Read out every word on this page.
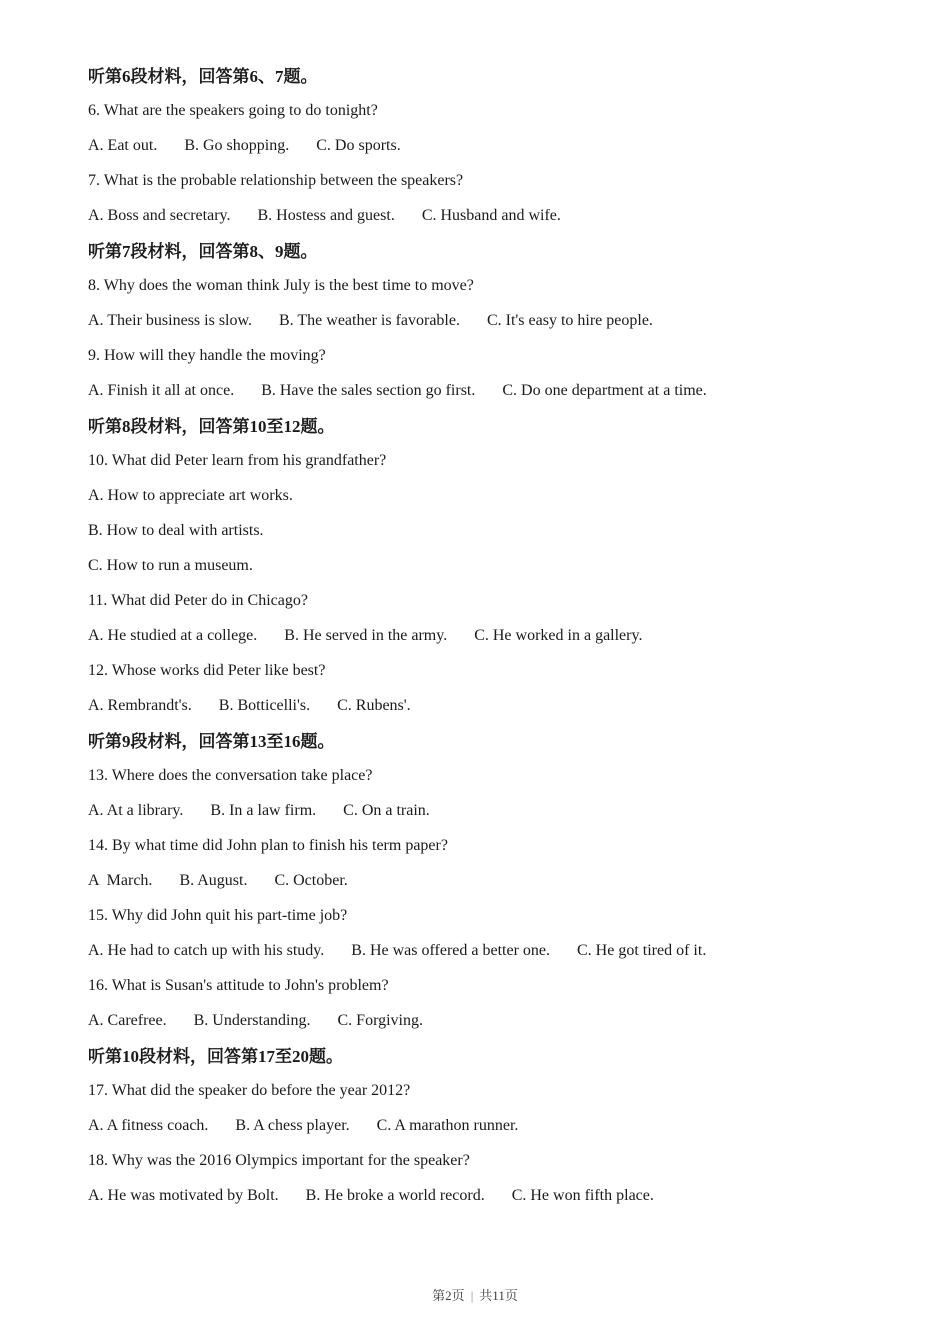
听第6段材料，回答第6、7题。

6. What are the speakers going to do tonight?

A. Eat out. B. Go shopping. C. Do sports.

7. What is the probable relationship between the speakers?

A. Boss and secretary. B. Hostess and guest. C. Husband and wife.

听第7段材料，回答第8、9题。

8. Why does the woman think July is the best time to move?

A. Their business is slow. B. The weather is favorable. C. It's easy to hire people.

9. How will they handle the moving?

A. Finish it all at once. B. Have the sales section go first. C. Do one department at a time.

听第8段材料，回答第10至12题。

10. What did Peter learn from his grandfather?

A. How to appreciate art works.

B. How to deal with artists.

C. How to run a museum.

11. What did Peter do in Chicago?

A. He studied at a college. B. He served in the army. C. He worked in a gallery.

12. Whose works did Peter like best?

A. Rembrandt's. B. Botticelli's. C. Rubens'.

听第9段材料，回答第13至16题。

13. Where does the conversation take place?

A. At a library. B. In a law firm. C. On a train.

14. By what time did John plan to finish his term paper?

A  March. B. August. C. October.

15. Why did John quit his part-time job?

A. He had to catch up with his study. B. He was offered a better one. C. He got tired of it.

16. What is Susan's attitude to John's problem?

A. Carefree. B. Understanding. C. Forgiving.

听第10段材料，回答第17至20题。

17. What did the speaker do before the year 2012?

A. A fitness coach. B. A chess player. C. A marathon runner.

18. Why was the 2016 Olympics important for the speaker?

A. He was motivated by Bolt. B. He broke a world record. C. He won fifth place.

第2页 | 共11页
